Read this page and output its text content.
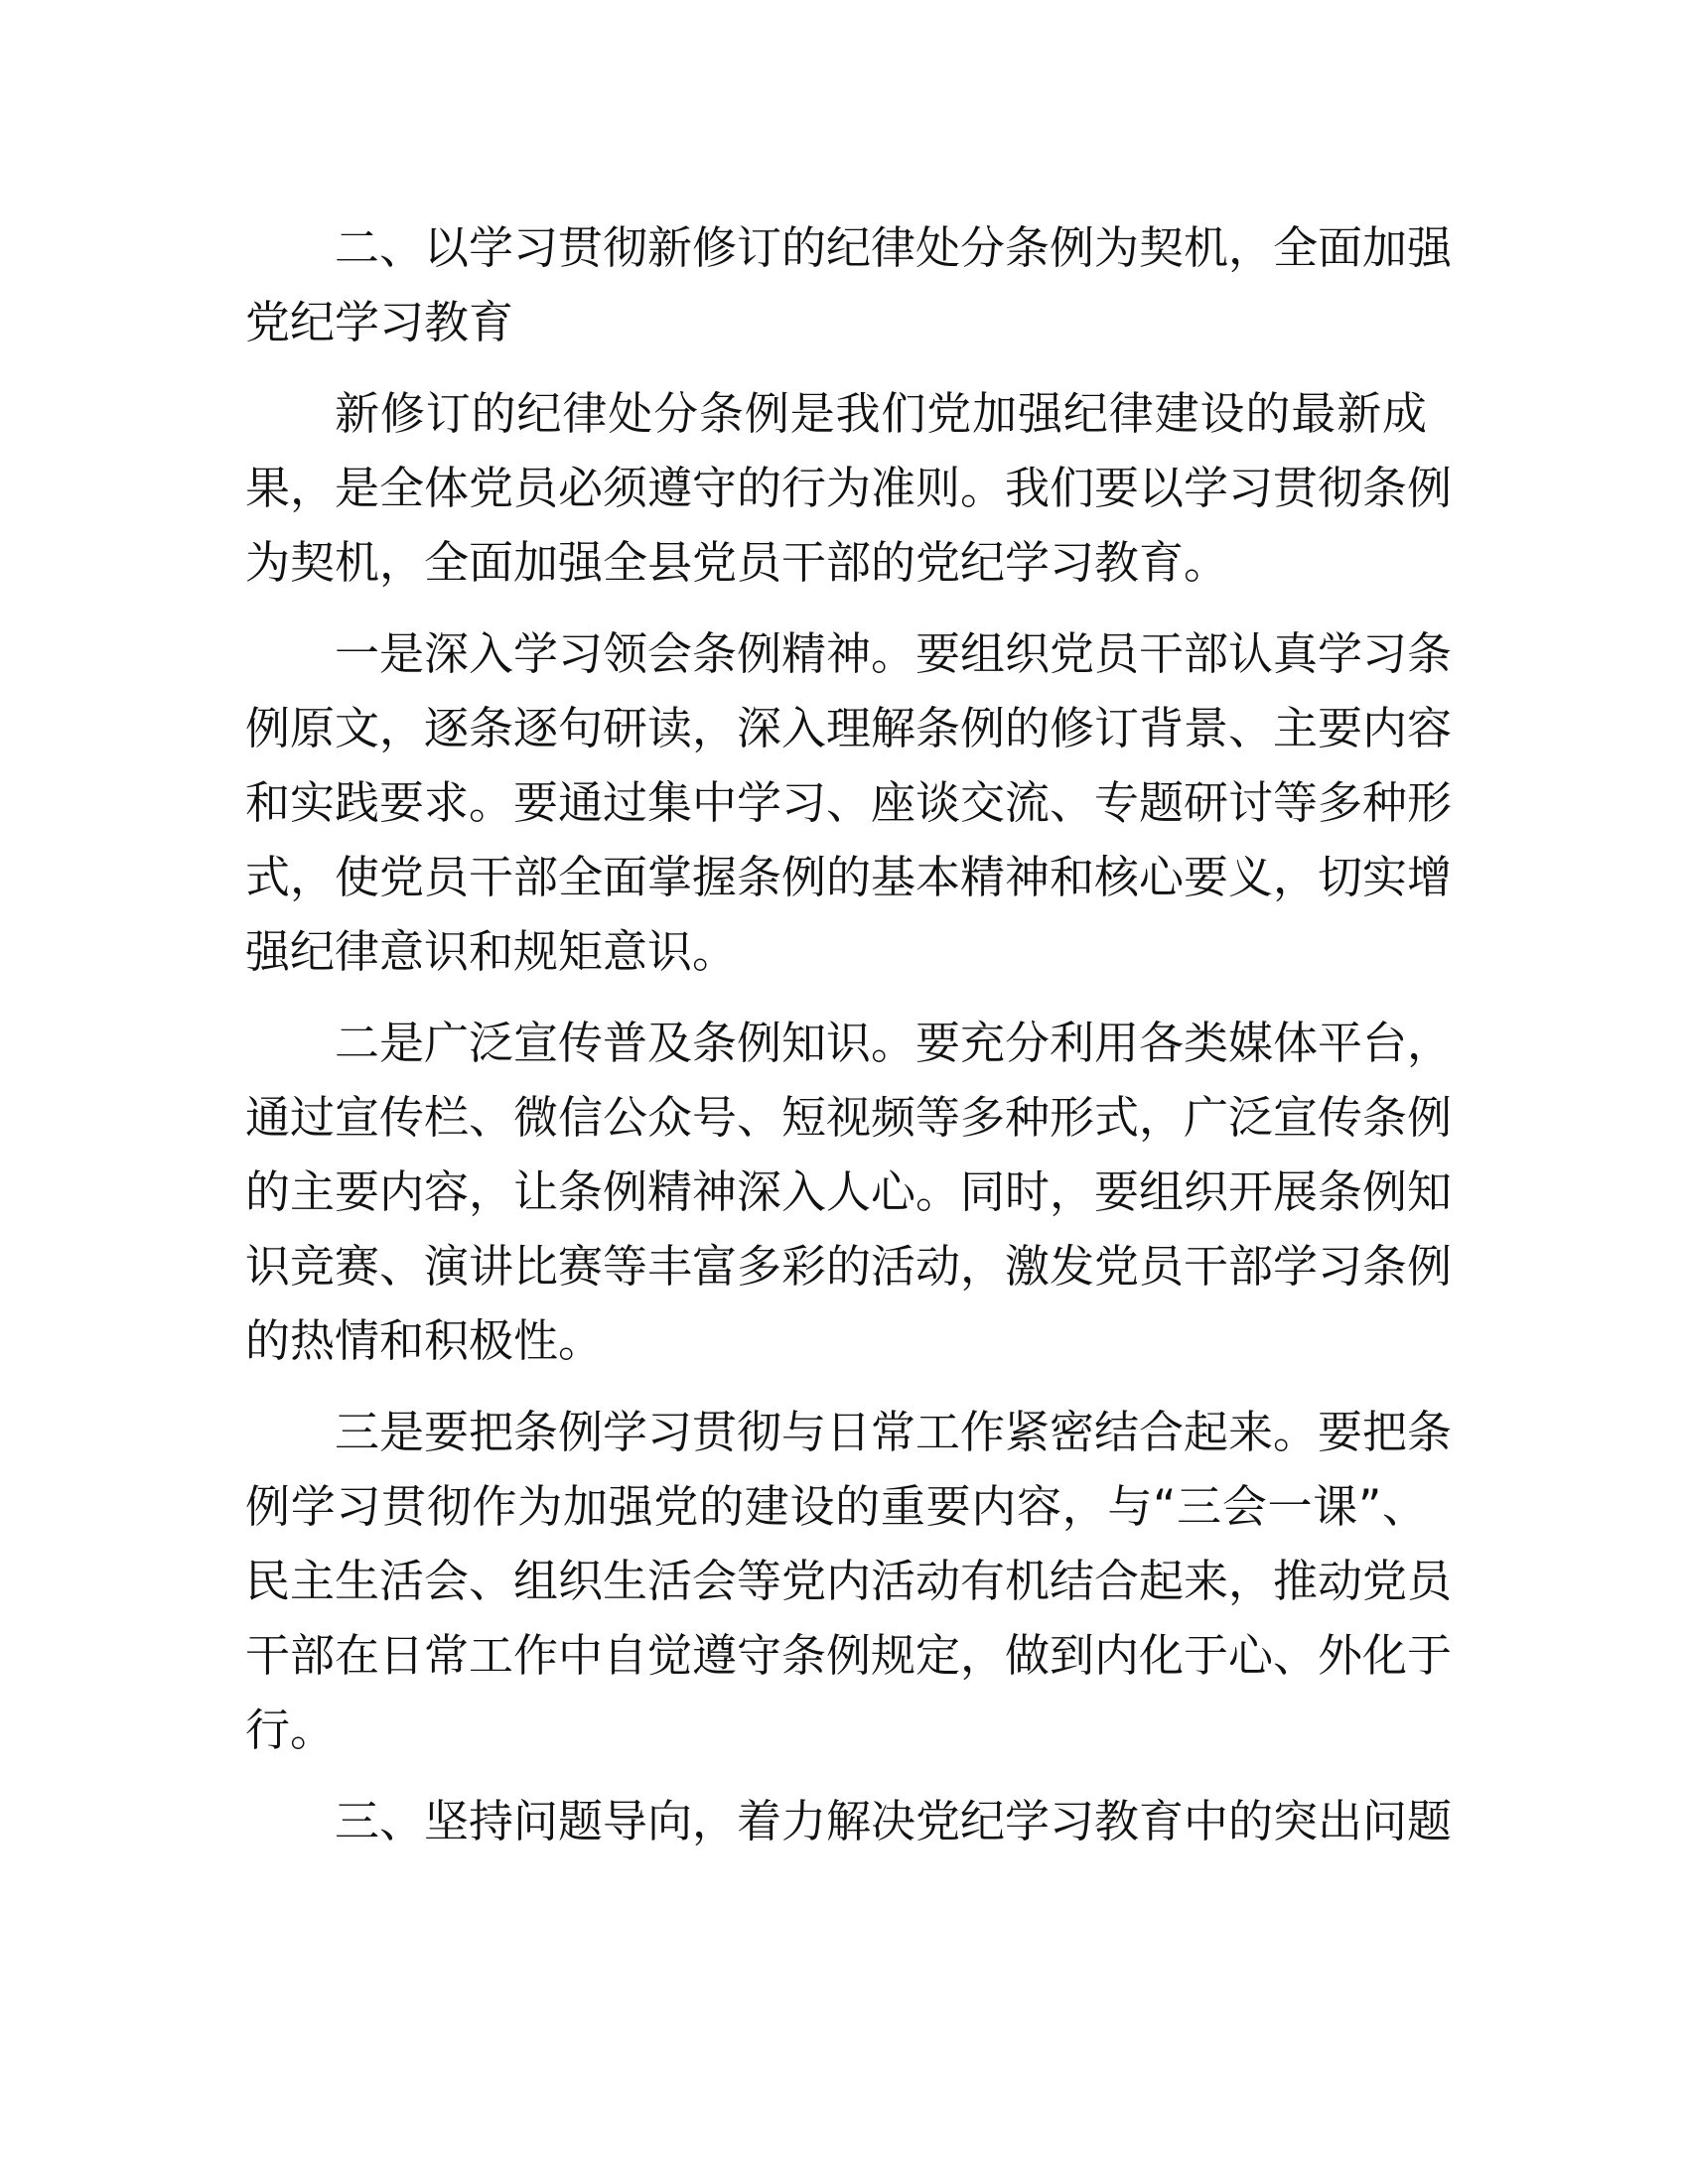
二、以学习贯彻新修订的纪律处分条例为契机，全面加强
党纪学习教育
新修订的纪律处分条例是我们党加强纪律建设的最新成
果，是全体党员必须遵守的行为准则。我们要以学习贯彻条例
为契机，全面加强全县党员干部的党纪学习教育。
一是深入学习领会条例精神。要组织党员干部认真学习条
例原文，逐条逐句研读，深入理解条例的修订背景、主要内容
和实践要求。要通过集中学习、座谈交流、专题研讨等多种形
式，使党员干部全面掌握条例的基本精神和核心要义，切实增
强纪律意识和规矩意识。
二是广泛宣传普及条例知识。要充分利用各类媒体平台，
通过宣传栏、微信公众号、短视频等多种形式，广泛宣传条例
的主要内容，让条例精神深入人心。同时，要组织开展条例知
识竞赛、演讲比赛等丰富多彩的活动，激发党员干部学习条例
的热情和积极性。
三是要把条例学习贯彻与日常工作紧密结合起来。要把条
例学习贯彻作为加强党的建设的重要内容，与“三会一课”、
民主生活会、组织生活会等党内活动有机结合起来，推动党员
干部在日常工作中自觉遵守条例规定，做到内化于心、外化于
行。
三、坚持问题导向，着力解决党纪学习教育中的突出问题
